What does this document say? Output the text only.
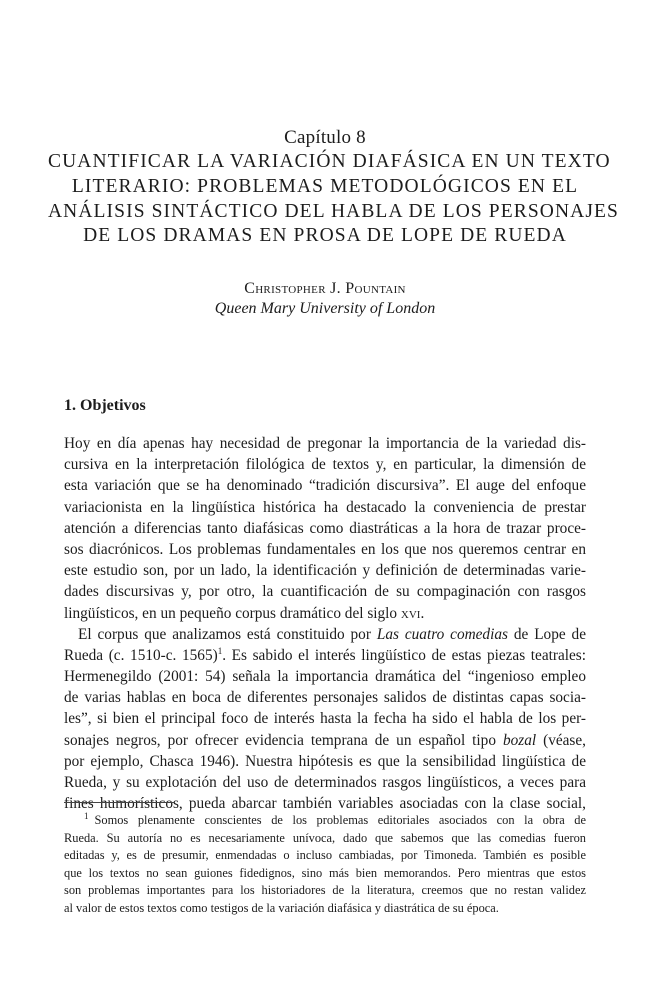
Capítulo 8
CUANTIFICAR LA VARIACIÓN DIAFÁSICA EN UN TEXTO
LITERARIO: PROBLEMAS METODOLÓGICOS EN EL
ANÁLISIS SINTÁCTICO DEL HABLA DE LOS PERSONAJES
DE LOS DRAMAS EN PROSA DE LOPE DE RUEDA
Christopher J. Pountain
Queen Mary University of London
1. Objetivos
Hoy en día apenas hay necesidad de pregonar la importancia de la variedad dis-
cursiva en la interpretación filológica de textos y, en particular, la dimensión de
esta variación que se ha denominado “tradición discursiva”. El auge del enfoque
variacionista en la lingüística histórica ha destacado la conveniencia de prestar
atención a diferencias tanto diafásicas como diastráticas a la hora de trazar proce-
sos diacrónicos. Los problemas fundamentales en los que nos queremos centrar en
este estudio son, por un lado, la identificación y definición de determinadas varie-
dades discursivas y, por otro, la cuantificación de su compaginación con rasgos
lingüísticos, en un pequeño corpus dramático del siglo xvi.
El corpus que analizamos está constituido por Las cuatro comedias de Lope de
Rueda (c. 1510-c. 1565)$^1$. Es sabido el interés lingüístico de estas piezas teatrales:
Hermenegildo (2001: 54) señala la importancia dramática del “ingenioso empleo
de varias hablas en boca de diferentes personajes salidos de distintas capas socia-
les”, si bien el principal foco de interés hasta la fecha ha sido el habla de los per-
sonajes negros, por ofrecer evidencia temprana de un español tipo bozal (véase,
por ejemplo, Chasca 1946). Nuestra hipótesis es que la sensibilidad lingüística de
Rueda, y su explotación del uso de determinados rasgos lingüísticos, a veces para
fines humorísticos, pueda abarcar también variables asociadas con la clase social,
$^1$ Somos plenamente conscientes de los problemas editoriales asociados con la obra de
Rueda. Su autoría no es necesariamente unívoca, dado que sabemos que las comedias fueron
editadas y, es de presumir, enmendadas o incluso cambiadas, por Timoneda. También es posible
que los textos no sean guiones fidedignos, sino más bien memorandos. Pero mientras que estos
son problemas importantes para los historiadores de la literatura, creemos que no restan validez
al valor de estos textos como testigos de la variación diafásica y diastrática de su época.
